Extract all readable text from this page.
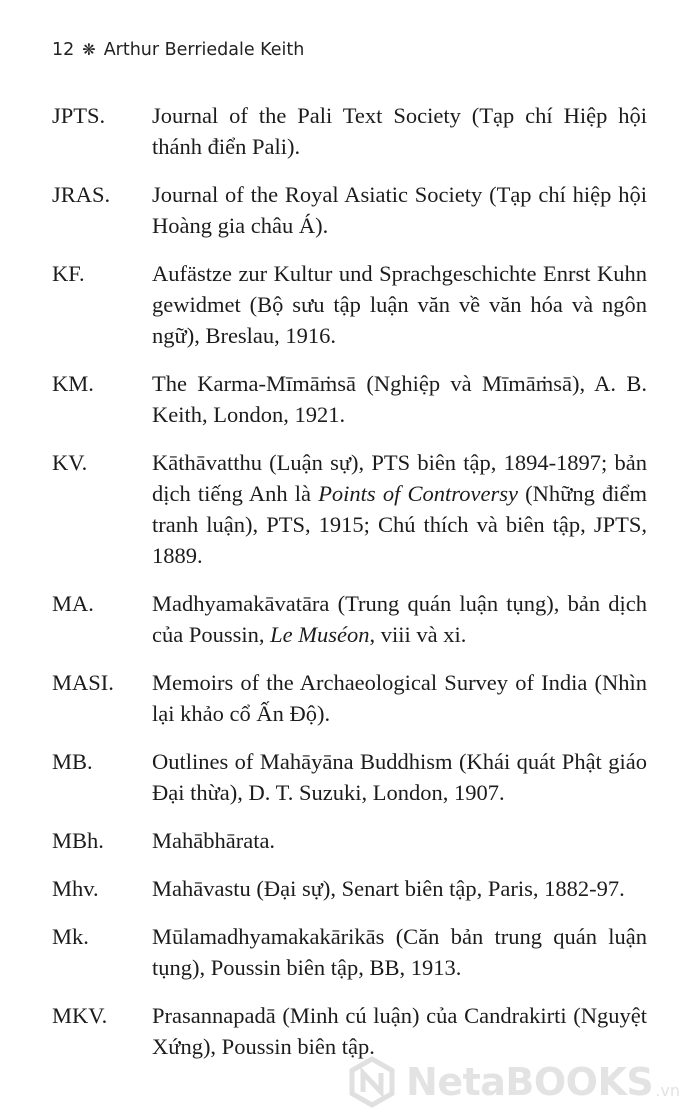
12 ❋ Arthur Berriedale Keith
JPTS.	Journal of the Pali Text Society (Tạp chí Hiệp hội thánh điển Pali).
JRAS.	Journal of the Royal Asiatic Society (Tạp chí hiệp hội Hoàng gia châu Á).
KF.	Aufästze zur Kultur und Sprachgeschichte Enrst Kuhn gewidmet (Bộ sưu tập luận văn về văn hóa và ngôn ngữ), Breslau, 1916.
KM.	The Karma-Mīmāṁsā (Nghiệp và Mīmāṁsā), A. B. Keith, London, 1921.
KV.	Kāthāvatthu (Luận sự), PTS biên tập, 1894-1897; bản dịch tiếng Anh là Points of Controversy (Những điểm tranh luận), PTS, 1915; Chú thích và biên tập, JPTS, 1889.
MA.	Madhyamakāvatāra (Trung quán luận tụng), bản dịch của Poussin, Le Muséon, viii và xi.
MASI.	Memoirs of the Archaeological Survey of India (Nhìn lại khảo cổ Ấn Độ).
MB.	Outlines of Mahāyāna Buddhism (Khái quát Phật giáo Đại thừa), D. T. Suzuki, London, 1907.
MBh.	Mahābhārata.
Mhv.	Mahāvastu (Đại sự), Senart biên tập, Paris, 1882-97.
Mk.	Mūlamadhyamakakārikās (Căn bản trung quán luận tụng), Poussin biên tập, BB, 1913.
MKV.	Prasannapadā (Minh cú luận) của Candrakirti (Nguyệt Xứng), Poussin biên tập.
NetaBOOKS .vn
